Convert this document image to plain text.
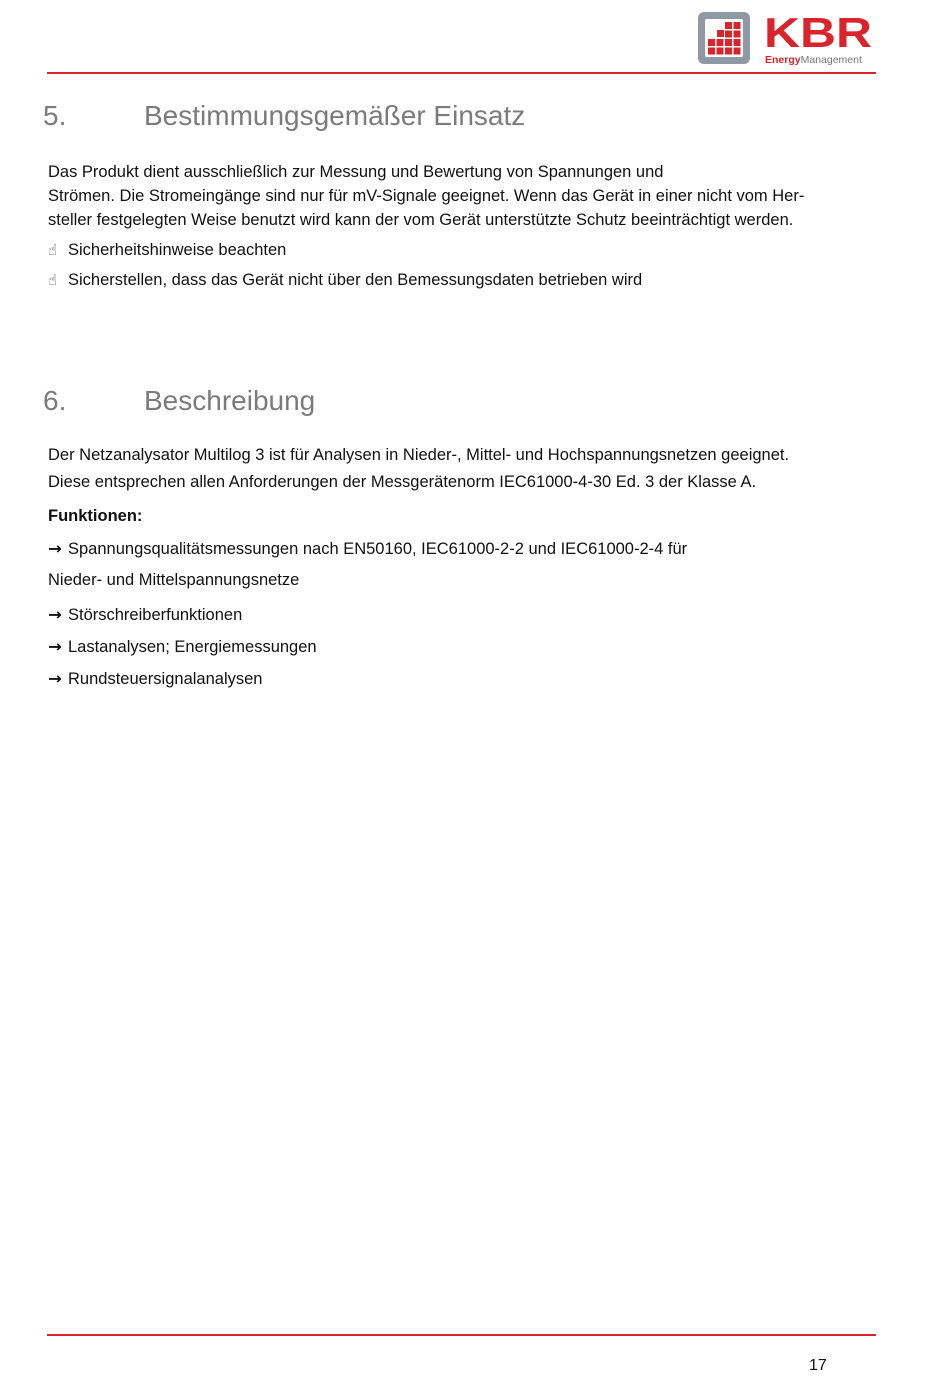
KBR
EnergyManagement
5.	Bestimmungsgemäßer Einsatz

Das Produkt dient ausschließlich zur Messung und Bewertung von Spannungen und
Strömen. Die Stromeingänge sind nur für mV-Signale geeignet. Wenn das Gerät in einer nicht vom Her-
steller festgelegten Weise benutzt wird kann der vom Gerät unterstützte Schutz beeinträchtigt werden.

☝ Sicherheitshinweise beachten
☝ Sicherstellen, dass das Gerät nicht über den Bemessungsdaten betrieben wird
6.	Beschreibung
Der Netzanalysator Multilog 3 ist für Analysen in Nieder-, Mittel- und Hochspannungsnetzen geeignet.
Diese entsprechen allen Anforderungen der Messgerätenorm IEC61000-4-30 Ed. 3 der Klasse A.
Funktionen:
→ Spannungsqualitätsmessungen nach EN50160, IEC61000-2-2 und IEC61000-2-4 für
Nieder- und Mittelspannungsnetze
→ Störschreiberfunktionen
→ Lastanalysen; Energiemessungen
→ Rundsteuersignalanalysen
17
